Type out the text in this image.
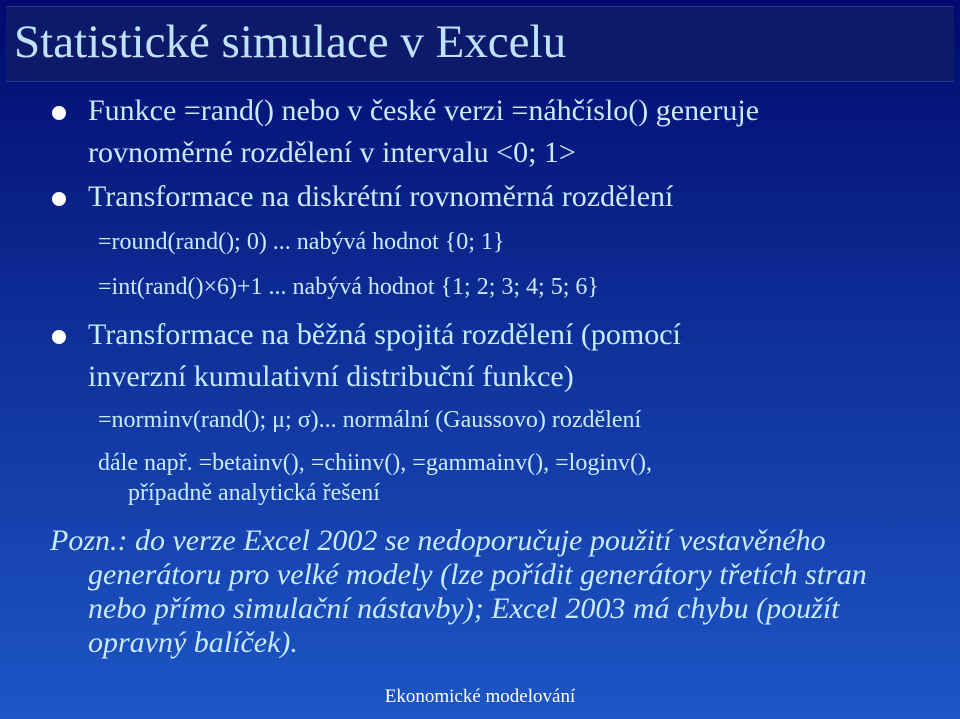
Statistické simulace v Excelu
Funkce =rand() nebo v české verzi =náhčíslo() generuje
rovnoměrné rozdělení v intervalu <0; 1>
Transformace na diskrétní rovnoměrná rozdělení
=round(rand(); 0) ... nabývá hodnot {0; 1}
=int(rand()×6)+1 ... nabývá hodnot {1; 2; 3; 4; 5; 6}
Transformace na běžná spojitá rozdělení (pomocí
inverzní kumulativní distribuční funkce)
=norminv(rand(); μ; σ)... normální (Gaussovo) rozdělení
dále např. =betainv(), =chiinv(), =gammainv(), =loginv(),
případně analytická řešení
Pozn.: do verze Excel 2002 se nedoporučuje použití vestavěného
generátoru pro velké modely (lze pořídit generátory třetích stran
nebo přímo simulační nástavby); Excel 2003 má chybu (použít
opravný balíček).
Ekonomické modelování
